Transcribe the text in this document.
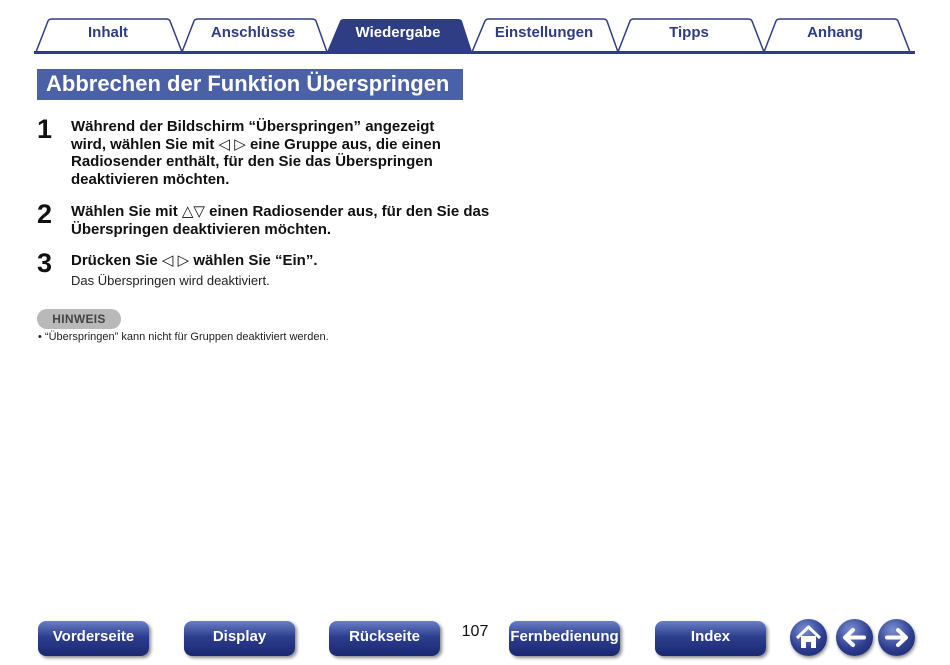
Inhalt	Anschlüsse	Wiedergabe	Einstellungen	Tipps	Anhang
Abbrechen der Funktion Überspringen
1 Während der Bildschirm “Überspringen” angezeigt wird, wählen Sie mit ◁ ▷ eine Gruppe aus, die einen Radiosender enthält, für den Sie das Überspringen deaktivieren möchten.
2 Wählen Sie mit △▽ einen Radiosender aus, für den Sie das Überspringen deaktivieren möchten.
3 Drücken Sie ◁ ▷ wählen Sie “Ein”.
Das Überspringen wird deaktiviert.
HINWEIS
• “Überspringen” kann nicht für Gruppen deaktiviert werden.
Vorderseite	Display	Rückseite	107	Fernbedienung	Index
